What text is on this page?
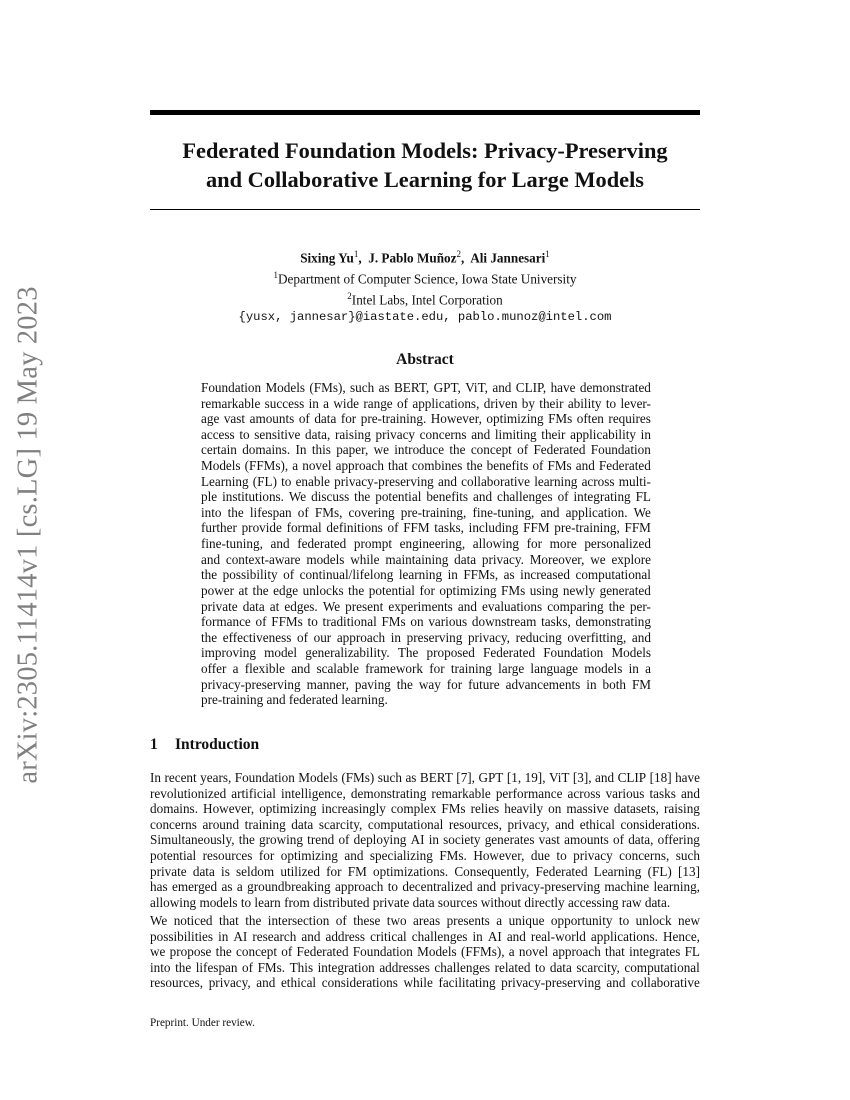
arXiv:2305.11414v1 [cs.LG] 19 May 2023
Federated Foundation Models: Privacy-Preserving
and Collaborative Learning for Large Models
Sixing Yu$^1$,  J. Pablo Muñoz$^2$,  Ali Jannesari$^1$
$^1$Department of Computer Science, Iowa State University
$^2$Intel Labs, Intel Corporation
{yusx, jannesar}@iastate.edu, pablo.munoz@intel.com
Abstract
Foundation Models (FMs), such as BERT, GPT, ViT, and CLIP, have demonstrated
remarkable success in a wide range of applications, driven by their ability to lever-
age vast amounts of data for pre-training. However, optimizing FMs often requires
access to sensitive data, raising privacy concerns and limiting their applicability in
certain domains. In this paper, we introduce the concept of Federated Foundation
Models (FFMs), a novel approach that combines the benefits of FMs and Federated
Learning (FL) to enable privacy-preserving and collaborative learning across multi-
ple institutions. We discuss the potential benefits and challenges of integrating FL
into the lifespan of FMs, covering pre-training, fine-tuning, and application. We
further provide formal definitions of FFM tasks, including FFM pre-training, FFM
fine-tuning, and federated prompt engineering, allowing for more personalized
and context-aware models while maintaining data privacy. Moreover, we explore
the possibility of continual/lifelong learning in FFMs, as increased computational
power at the edge unlocks the potential for optimizing FMs using newly generated
private data at edges. We present experiments and evaluations comparing the per-
formance of FFMs to traditional FMs on various downstream tasks, demonstrating
the effectiveness of our approach in preserving privacy, reducing overfitting, and
improving model generalizability. The proposed Federated Foundation Models
offer a flexible and scalable framework for training large language models in a
privacy-preserving manner, paving the way for future advancements in both FM
pre-training and federated learning.
1 Introduction
In recent years, Foundation Models (FMs) such as BERT [7], GPT [1, 19], ViT [3], and CLIP [18] have
revolutionized artificial intelligence, demonstrating remarkable performance across various tasks and
domains. However, optimizing increasingly complex FMs relies heavily on massive datasets, raising
concerns around training data scarcity, computational resources, privacy, and ethical considerations.
Simultaneously, the growing trend of deploying AI in society generates vast amounts of data, offering
potential resources for optimizing and specializing FMs. However, due to privacy concerns, such
private data is seldom utilized for FM optimizations. Consequently, Federated Learning (FL) [13]
has emerged as a groundbreaking approach to decentralized and privacy-preserving machine learning,
allowing models to learn from distributed private data sources without directly accessing raw data.
We noticed that the intersection of these two areas presents a unique opportunity to unlock new
possibilities in AI research and address critical challenges in AI and real-world applications. Hence,
we propose the concept of Federated Foundation Models (FFMs), a novel approach that integrates FL
into the lifespan of FMs. This integration addresses challenges related to data scarcity, computational
resources, privacy, and ethical considerations while facilitating privacy-preserving and collaborative
Preprint. Under review.
